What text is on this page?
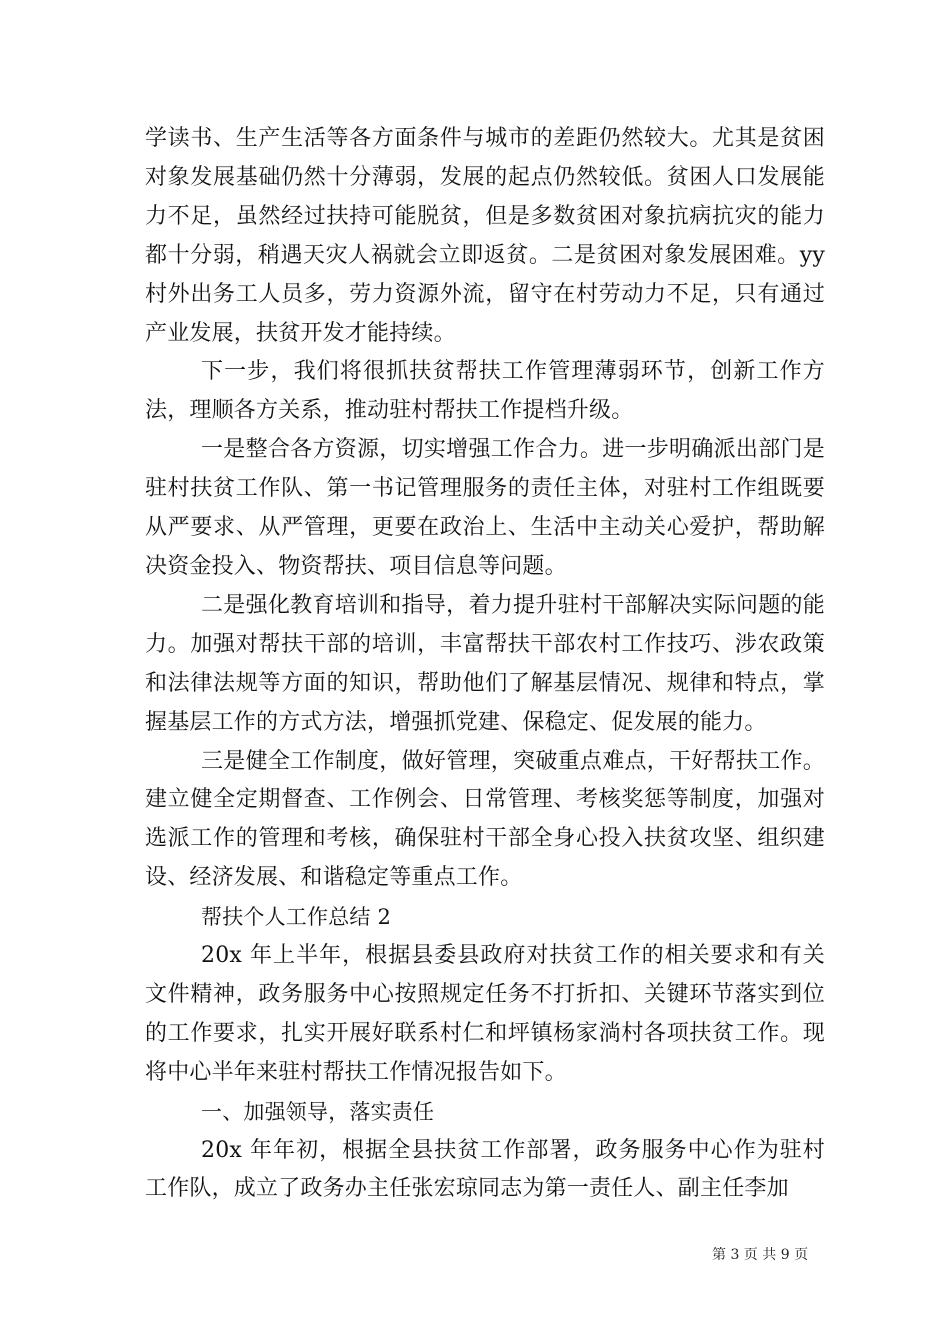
学读书、生产生活等各方面条件与城市的差距仍然较大。尤其是贫困对象发展基础仍然十分薄弱，发展的起点仍然较低。贫困人口发展能力不足，虽然经过扶持可能脱贫，但是多数贫困对象抗病抗灾的能力都十分弱，稍遇天灾人祸就会立即返贫。二是贫困对象发展困难。yy 村外出务工人员多，劳力资源外流，留守在村劳动力不足，只有通过产业发展，扶贫开发才能持续。

下一步，我们将很抓扶贫帮扶工作管理薄弱环节，创新工作方法，理顺各方关系，推动驻村帮扶工作提档升级。

一是整合各方资源，切实增强工作合力。进一步明确派出部门是驻村扶贫工作队、第一书记管理服务的责任主体，对驻村工作组既要从严要求、从严管理，更要在政治上、生活中主动关心爱护，帮助解决资金投入、物资帮扶、项目信息等问题。

二是强化教育培训和指导，着力提升驻村干部解决实际问题的能力。加强对帮扶干部的培训，丰富帮扶干部农村工作技巧、涉农政策和法律法规等方面的知识，帮助他们了解基层情况、规律和特点，掌握基层工作的方式方法，增强抓党建、保稳定、促发展的能力。

三是健全工作制度，做好管理，突破重点难点，干好帮扶工作。建立健全定期督查、工作例会、日常管理、考核奖惩等制度，加强对选派工作的管理和考核，确保驻村干部全身心投入扶贫攻坚、组织建设、经济发展、和谐稳定等重点工作。

帮扶个人工作总结 2

20x 年上半年，根据县委县政府对扶贫工作的相关要求和有关文件精神，政务服务中心按照规定任务不打折扣、关键环节落实到位的工作要求，扎实开展好联系村仁和坪镇杨家淌村各项扶贫工作。现将中心半年来驻村帮扶工作情况报告如下。

一、加强领导，落实责任

20x 年年初，根据全县扶贫工作部署，政务服务中心作为驻村工作队，成立了政务办主任张宏琼同志为第一责任人、副主任李加

第 3 页 共 9 页
